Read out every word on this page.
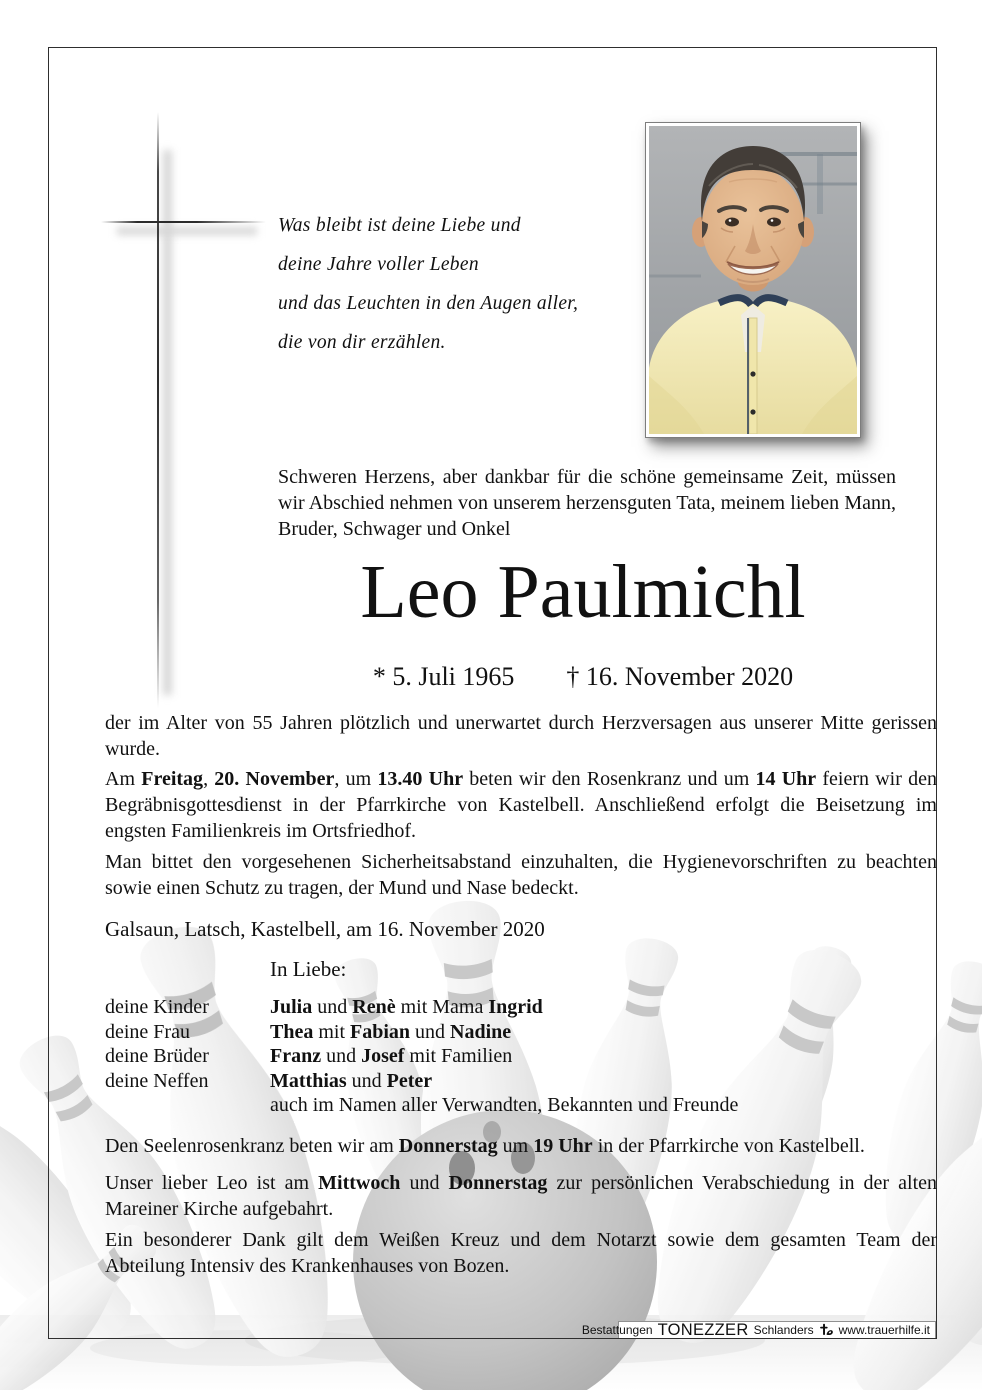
Was bleibt ist deine Liebe und
deine Jahre voller Leben
und das Leuchten in den Augen aller,
die von dir erzählen.
Schweren Herzens, aber dankbar für die schöne gemeinsame Zeit, müssen wir Abschied nehmen von unserem herzensguten Tata, meinem lieben Mann, Bruder, Schwager und Onkel
Leo Paulmichl
* 5. Juli 1965 † 16. November 2020
der im Alter von 55 Jahren plötzlich und unerwartet durch Herzversagen aus unserer Mitte gerissen wurde.
Am Freitag, 20. November, um 13.40 Uhr beten wir den Rosenkranz und um 14 Uhr feiern wir den Begräbnisgottesdienst in der Pfarrkirche von Kastelbell. Anschließend erfolgt die Beisetzung im engsten Familienkreis im Ortsfriedhof.
Man bittet den vorgesehenen Sicherheitsabstand einzuhalten, die Hygienevorschriften zu beachten sowie einen Schutz zu tragen, der Mund und Nase bedeckt.
Galsaun, Latsch, Kastelbell, am 16. November 2020
In Liebe:
deine Kinder	Julia und Renè mit Mama Ingrid
deine Frau	Thea mit Fabian und Nadine
deine Brüder	Franz und Josef mit Familien
deine Neffen	Matthias und Peter
auch im Namen aller Verwandten, Bekannten und Freunde
Den Seelenrosenkranz beten wir am Donnerstag um 19 Uhr in der Pfarrkirche von Kastelbell.
Unser lieber Leo ist am Mittwoch und Donnerstag zur persönlichen Verabschiedung in der alten Mareiner Kirche aufgebahrt.
Ein besonderer Dank gilt dem Weißen Kreuz und dem Notarzt sowie dem gesamten Team der Abteilung Intensiv des Krankenhauses von Bozen.
Bestattungen TONEZZER Schlanders www.trauerhilfe.it
